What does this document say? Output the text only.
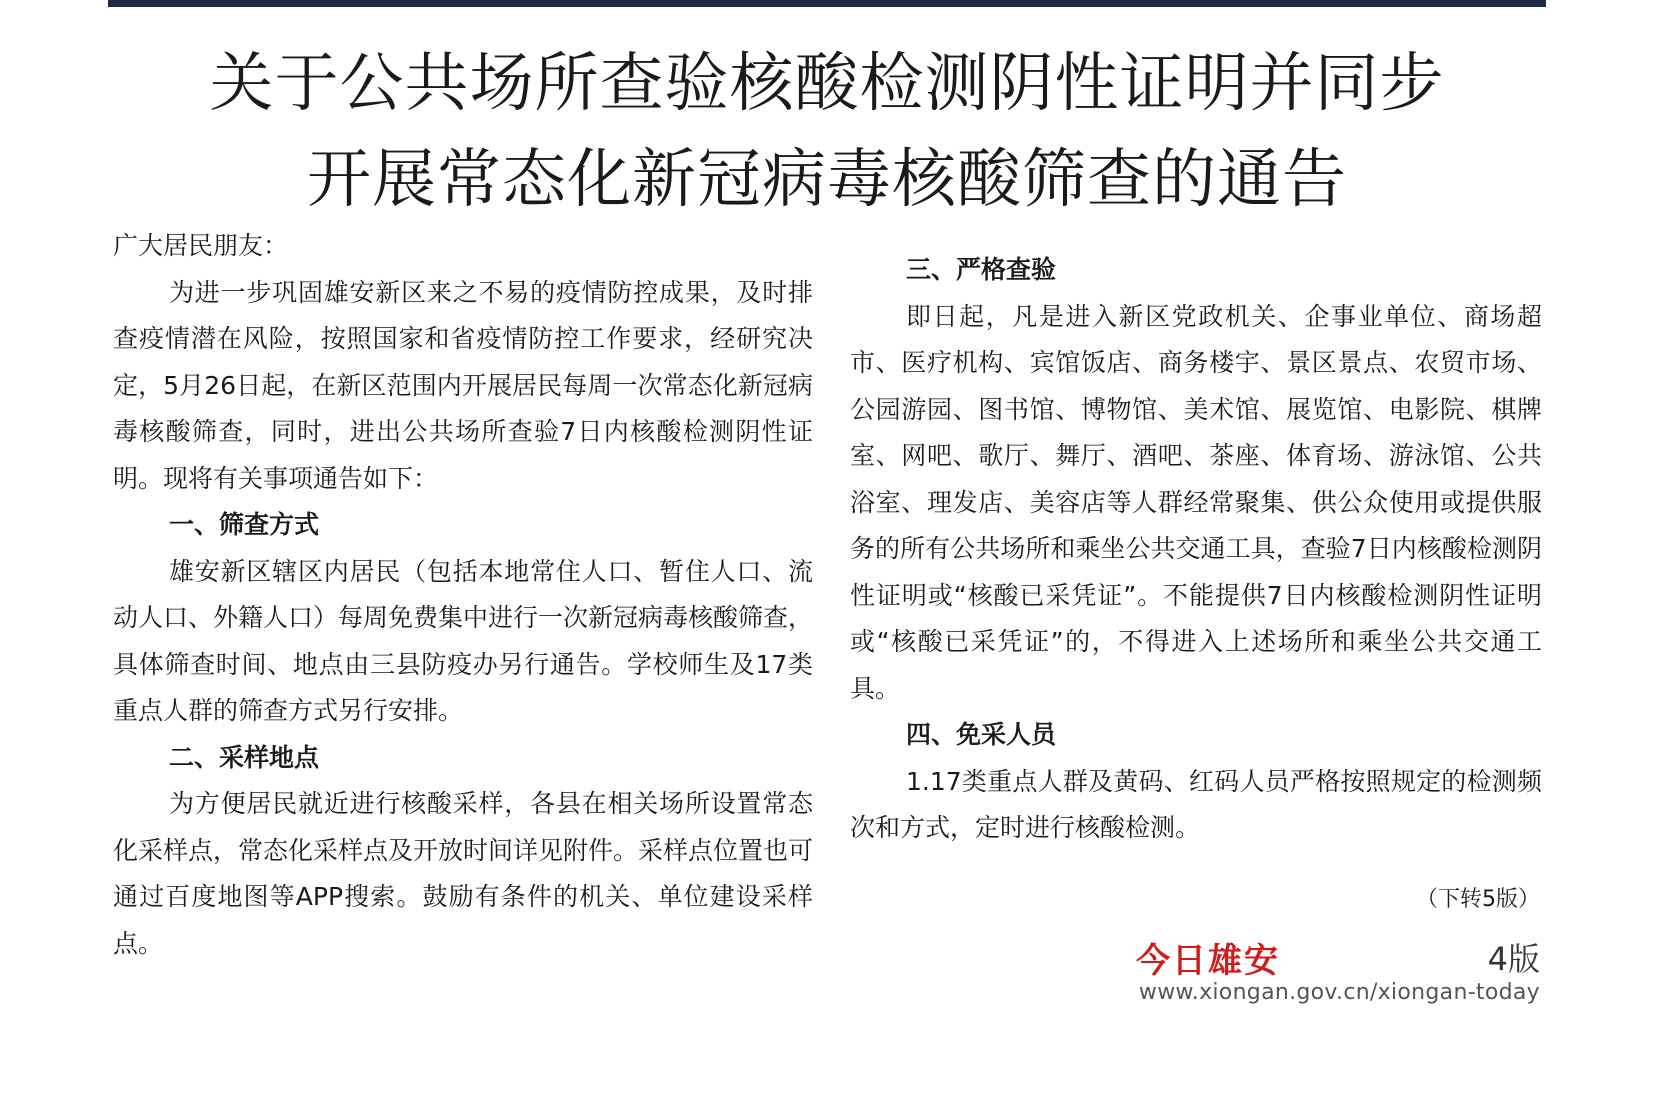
关于公共场所查验核酸检测阴性证明并同步
开展常态化新冠病毒核酸筛查的通告

广大居民朋友：

为进一步巩固雄安新区来之不易的疫情防控成果，及时排查疫情潜在风险，按照国家和省疫情防控工作要求，经研究决定，5月26日起，在新区范围内开展居民每周一次常态化新冠病毒核酸筛查，同时，进出公共场所查验7日内核酸检测阴性证明。现将有关事项通告如下：

一、筛查方式

雄安新区辖区内居民（包括本地常住人口、暂住人口、流动人口、外籍人口）每周免费集中进行一次新冠病毒核酸筛查，具体筛查时间、地点由三县防疫办另行通告。学校师生及17类重点人群的筛查方式另行安排。

二、采样地点

为方便居民就近进行核酸采样，各县在相关场所设置常态化采样点，常态化采样点及开放时间详见附件。采样点位置也可通过百度地图等APP搜索。鼓励有条件的机关、单位建设采样点。

三、严格查验

即日起，凡是进入新区党政机关、企事业单位、商场超市、医疗机构、宾馆饭店、商务楼宇、景区景点、农贸市场、公园游园、图书馆、博物馆、美术馆、展览馆、电影院、棋牌室、网吧、歌厅、舞厅、酒吧、茶座、体育场、游泳馆、公共浴室、理发店、美容店等人群经常聚集、供公众使用或提供服务的所有公共场所和乘坐公共交通工具，查验7日内核酸检测阴性证明或“核酸已采凭证”。不能提供7日内核酸检测阴性证明或“核酸已采凭证”的，不得进入上述场所和乘坐公共交通工具。

四、免采人员

1.17类重点人群及黄码、红码人员严格按照规定的检测频次和方式，定时进行核酸检测。

（下转5版）
今日雄安	4版
www.xiongan.gov.cn/xiongan-today
